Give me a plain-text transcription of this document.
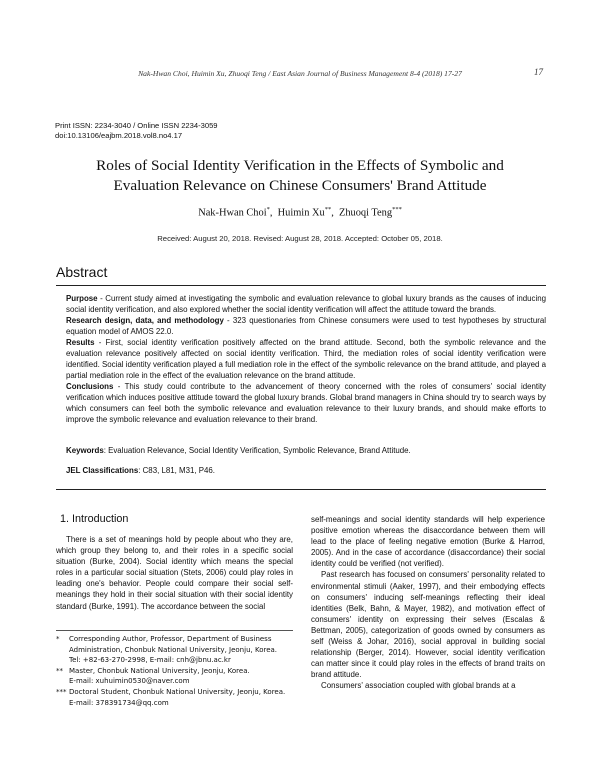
Nak-Hwan Choi, Huimin Xu, Zhuoqi Teng / East Asian Journal of Business Management 8-4 (2018) 17-27	17
Print ISSN: 2234-3040 / Online ISSN 2234-3059
doi:10.13106/eajbm.2018.vol8.no4.17
Roles of Social Identity Verification in the Effects of Symbolic and
Evaluation Relevance on Chinese Consumers' Brand Attitude
Nak-Hwan Choi*,  Huimin Xu**,  Zhuoqi Teng***
Received: August 20, 2018. Revised: August 28, 2018. Accepted: October 05, 2018.
Abstract

Purpose - Current study aimed at investigating the symbolic and evaluation relevance to global luxury brands as the causes of inducing social identity verification, and also explored whether the social identity verification will affect the attitude toward the brands.

Research design, data, and methodology - 323 questionaries from Chinese consumers were used to test hypotheses by structural equation model of AMOS 22.0.

Results - First, social identity verification positively affected on the brand attitude. Second, both the symbolic relevance and the evaluation relevance positively affected on social identity verification. Third, the mediation roles of social identity verification were identified. Social identity verification played a full mediation role in the effect of the symbolic relevance on the brand attitude, and played a partial mediation role in the effect of the evaluation relevance on the brand attitude.

Conclusions - This study could contribute to the advancement of theory concerned with the roles of consumers' social identity verification which induces positive attitude toward the global luxury brands. Global brand managers in China should try to search ways by which consumers can feel both the symbolic relevance and evaluation relevance to their luxury brands, and should make efforts to improve the symbolic relevance and evaluation relevance to their brand.

Keywords: Evaluation Relevance, Social Identity Verification, Symbolic Relevance, Brand Attitude.
JEL Classifications: C83, L81, M31, P46.
1. Introduction

There is a set of meanings hold by people about who they are, which group they belong to, and their roles in a specific social situation (Burke, 2004). Social identity which means the special roles in a particular social situation (Stets, 2006) could play roles in leading one's behavior. People could compare their social self-meanings they hold in their social situation with their social identity standard (Burke, 1991). The accordance between the social

* Corresponding Author, Professor, Department of Business
Administration, Chonbuk National University, Jeonju, Korea.
Tel: +82-63-270-2998, E-mail: cnh@jbnu.ac.kr
** Master, Chonbuk National University, Jeonju, Korea.
E-mail: xuhuimin0530@naver.com
*** Doctoral Student, Chonbuk National University, Jeonju, Korea.
E-mail: 378391734@qq.com

self-meanings and social identity standards will help experience positive emotion whereas the disaccordance between them will lead to the place of feeling negative emotion (Burke & Harrod, 2005). And in the case of accordance (disaccordance) their social identity could be verified (not verified).

Past research has focused on consumers' personality related to environmental stimuli (Aaker, 1997), and their embodying effects on consumers' inducing self-meanings reflecting their ideal identities (Belk, Bahn, & Mayer, 1982), and motivation effect of consumers' identity on expressing their selves (Escalas & Bettman, 2005), categorization of goods owned by consumers as self (Weiss & Johar, 2016), social approval in building social relationship (Berger, 2014). However, social identity verification can matter since it could play roles in the effects of brand traits on brand attitude.

Consumers' association coupled with global brands at a
